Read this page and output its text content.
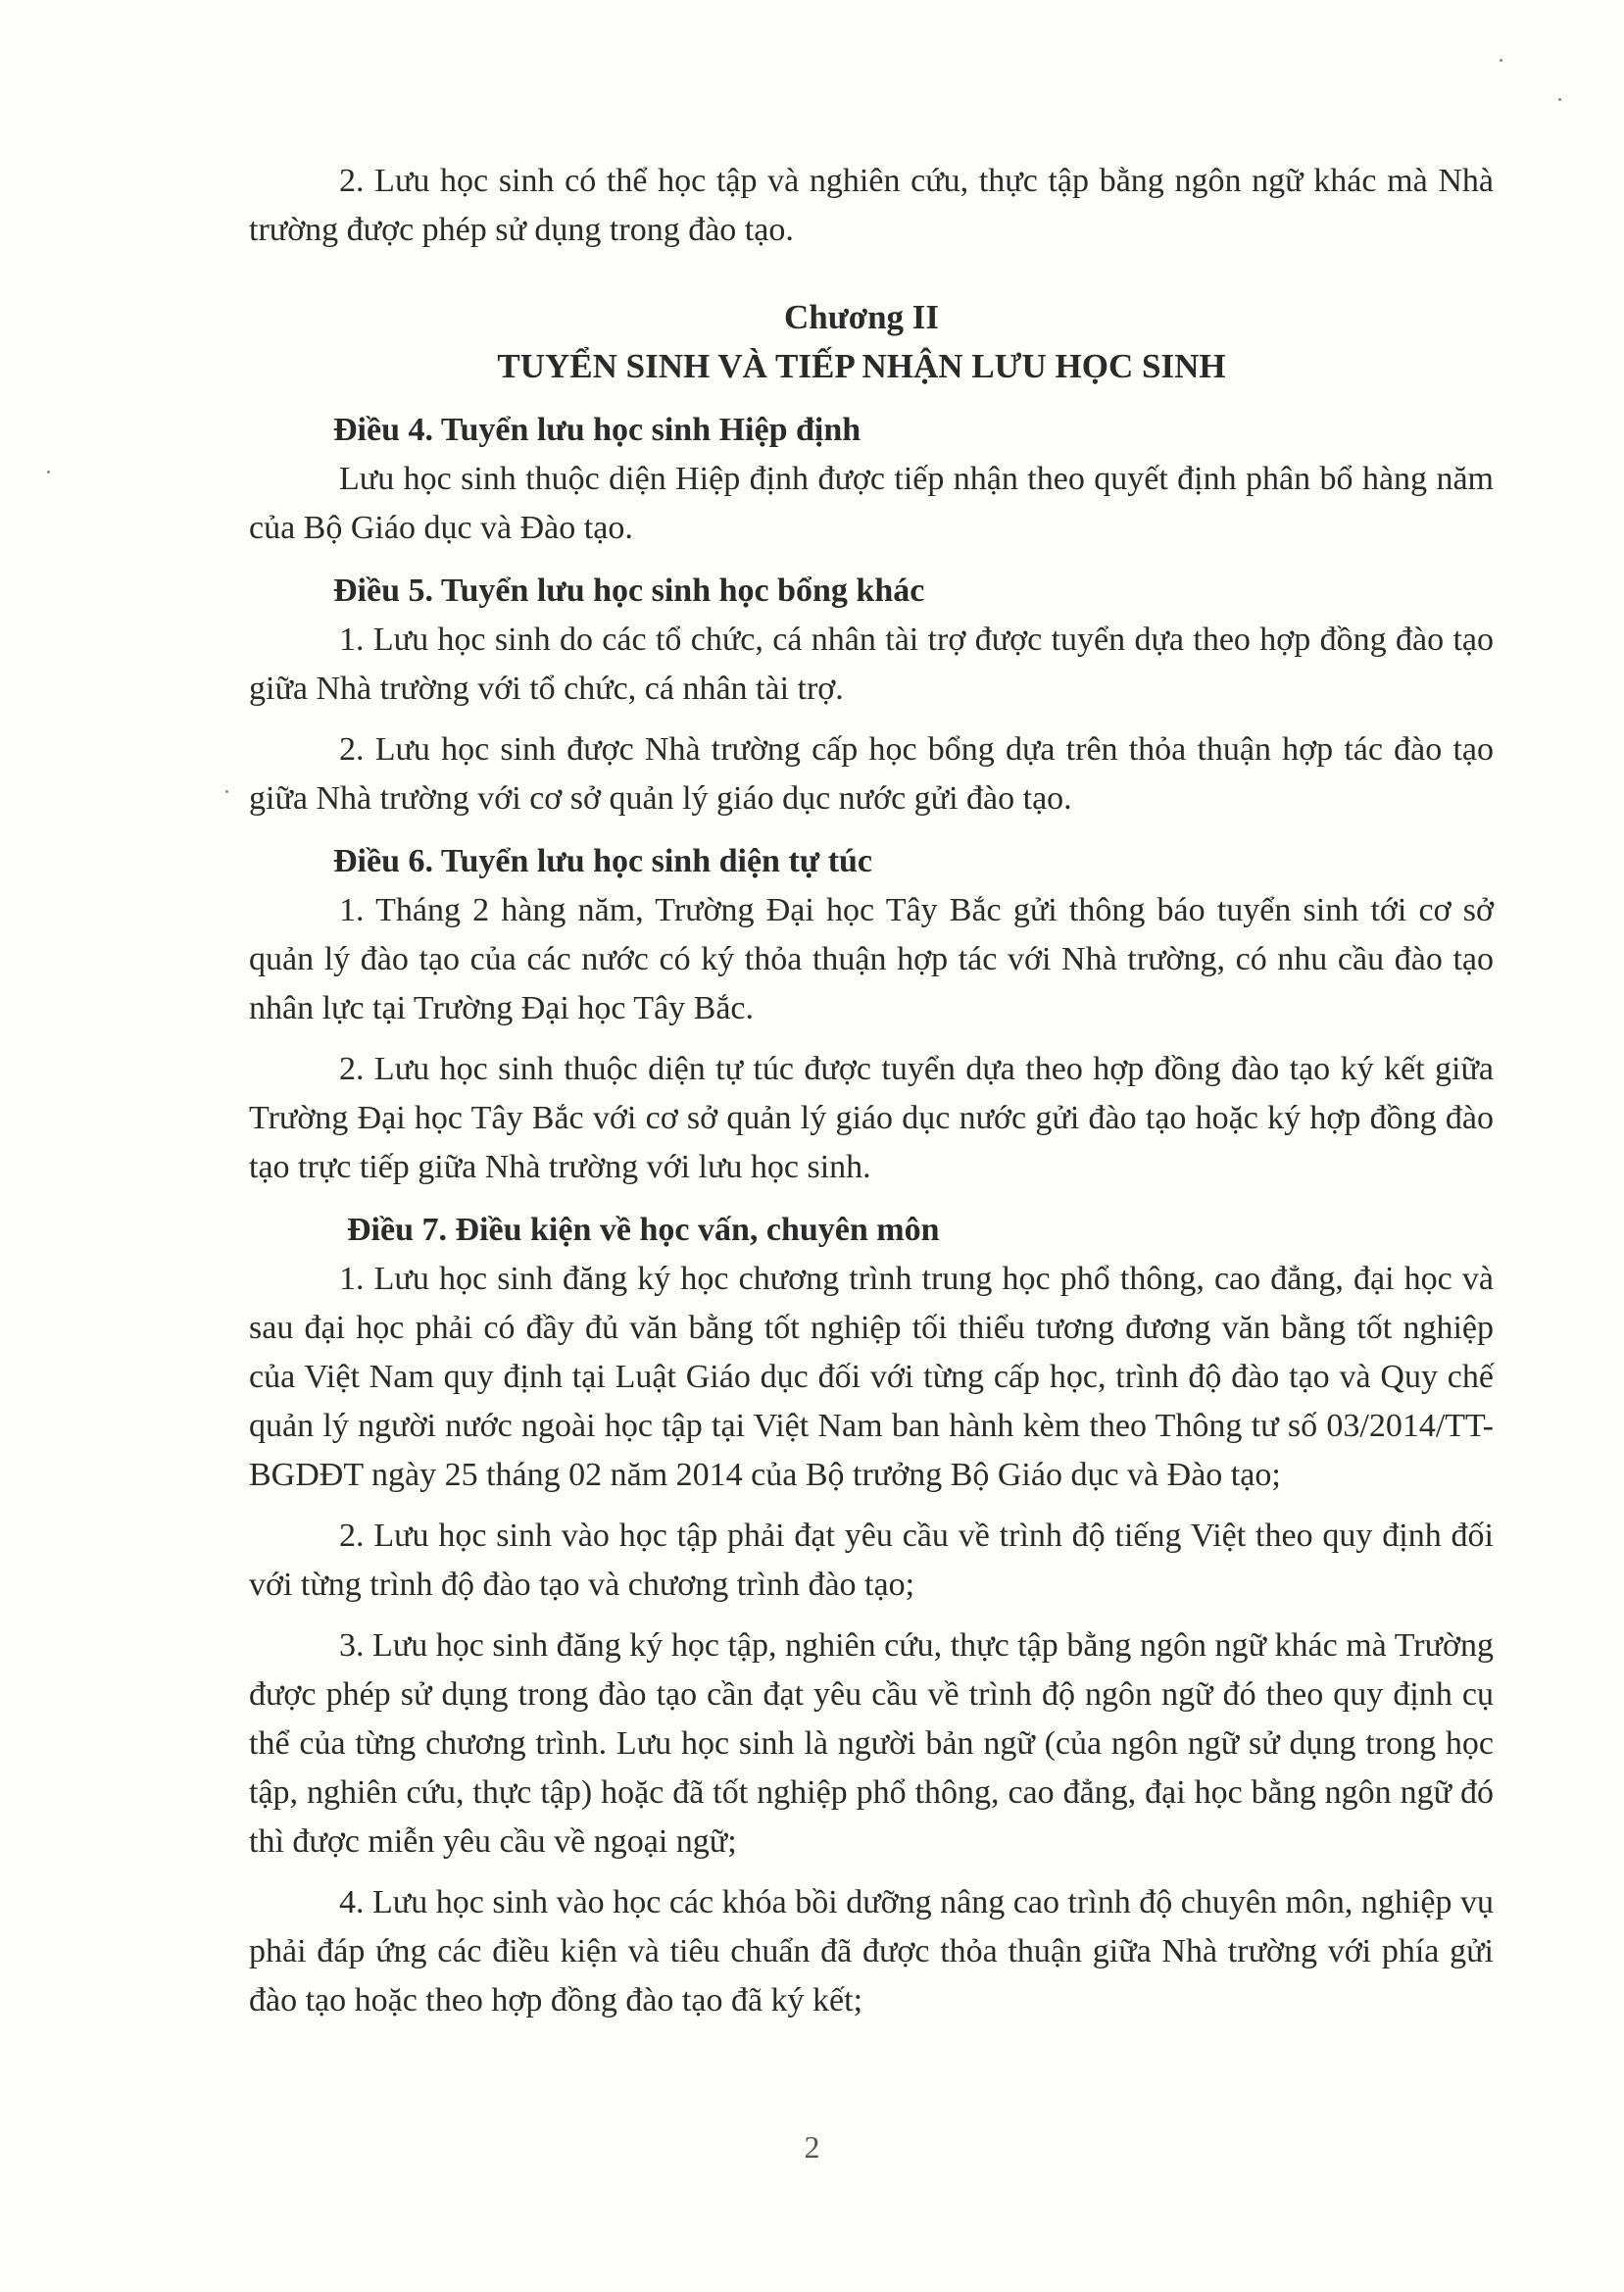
2. Lưu học sinh có thể học tập và nghiên cứu, thực tập bằng ngôn ngữ khác mà Nhà trường được phép sử dụng trong đào tạo.

Chương II
TUYỂN SINH VÀ TIẾP NHẬN LƯU HỌC SINH
Điều 4. Tuyển lưu học sinh Hiệp định

Lưu học sinh thuộc diện Hiệp định được tiếp nhận theo quyết định phân bổ hàng năm của Bộ Giáo dục và Đào tạo.

Điều 5. Tuyển lưu học sinh học bổng khác

1. Lưu học sinh do các tổ chức, cá nhân tài trợ được tuyển dựa theo hợp đồng đào tạo giữa Nhà trường với tổ chức, cá nhân tài trợ.

2. Lưu học sinh được Nhà trường cấp học bổng dựa trên thỏa thuận hợp tác đào tạo giữa Nhà trường với cơ sở quản lý giáo dục nước gửi đào tạo.

Điều 6. Tuyển lưu học sinh diện tự túc

1. Tháng 2 hàng năm, Trường Đại học Tây Bắc gửi thông báo tuyển sinh tới cơ sở quản lý đào tạo của các nước có ký thỏa thuận hợp tác với Nhà trường, có nhu cầu đào tạo nhân lực tại Trường Đại học Tây Bắc.

2. Lưu học sinh thuộc diện tự túc được tuyển dựa theo hợp đồng đào tạo ký kết giữa Trường Đại học Tây Bắc với cơ sở quản lý giáo dục nước gửi đào tạo hoặc ký hợp đồng đào tạo trực tiếp giữa Nhà trường với lưu học sinh.

Điều 7. Điều kiện về học vấn, chuyên môn

1. Lưu học sinh đăng ký học chương trình trung học phổ thông, cao đẳng, đại học và sau đại học phải có đầy đủ văn bằng tốt nghiệp tối thiểu tương đương văn bằng tốt nghiệp của Việt Nam quy định tại Luật Giáo dục đối với từng cấp học, trình độ đào tạo và Quy chế quản lý người nước ngoài học tập tại Việt Nam ban hành kèm theo Thông tư số 03/2014/TT-BGDĐT ngày 25 tháng 02 năm 2014 của Bộ trưởng Bộ Giáo dục và Đào tạo;

2. Lưu học sinh vào học tập phải đạt yêu cầu về trình độ tiếng Việt theo quy định đối với từng trình độ đào tạo và chương trình đào tạo;

3. Lưu học sinh đăng ký học tập, nghiên cứu, thực tập bằng ngôn ngữ khác mà Trường được phép sử dụng trong đào tạo cần đạt yêu cầu về trình độ ngôn ngữ đó theo quy định cụ thể của từng chương trình. Lưu học sinh là người bản ngữ (của ngôn ngữ sử dụng trong học tập, nghiên cứu, thực tập) hoặc đã tốt nghiệp phổ thông, cao đẳng, đại học bằng ngôn ngữ đó thì được miễn yêu cầu về ngoại ngữ;

4. Lưu học sinh vào học các khóa bồi dưỡng nâng cao trình độ chuyên môn, nghiệp vụ phải đáp ứng các điều kiện và tiêu chuẩn đã được thỏa thuận giữa Nhà trường với phía gửi đào tạo hoặc theo hợp đồng đào tạo đã ký kết;

2
